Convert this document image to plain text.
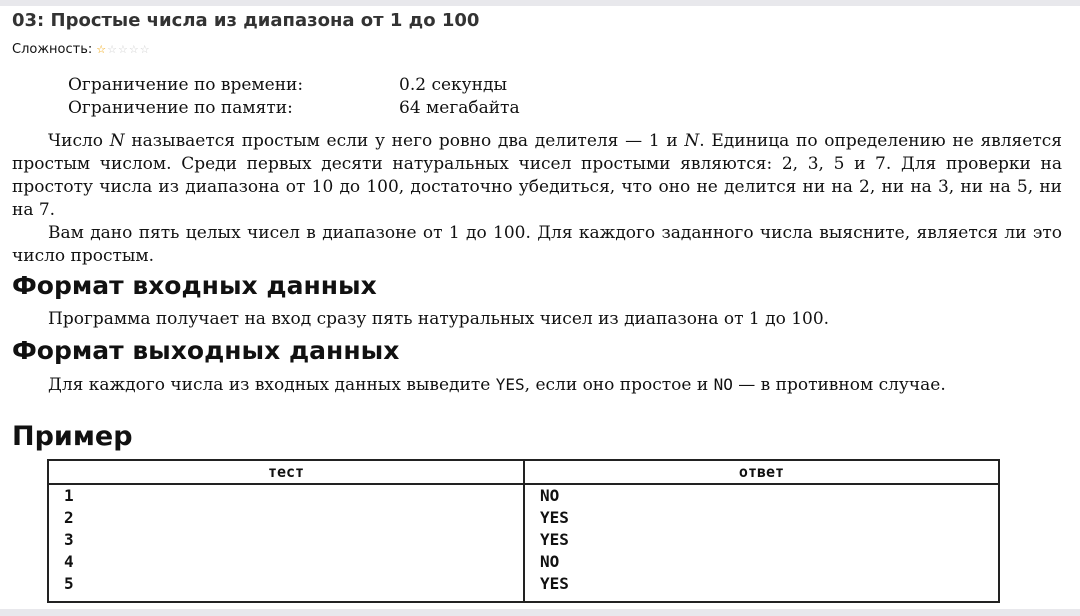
03: Простые числа из диапазона от 1 до 100
Сложность: ☆ ☆ ☆ ☆ ☆
Ограничение по времени:	0.2 секунды
Ограничение по памяти:	64 мегабайта
Число N называется простым если у него ровно два делителя — 1 и N. Единица по определению не является простым числом. Среди первых десяти натуральных чисел простыми являются: 2, 3, 5 и 7. Для проверки на простоту числа из диапазона от 10 до 100, достаточно убедиться, что оно не делится ни на 2, ни на 3, ни на 5, ни на 7.
Вам дано пять целых чисел в диапазоне от 1 до 100. Для каждого заданного числа выясните, является ли это число простым.
Формат входных данных
Программа получает на вход сразу пять натуральных чисел из диапазона от 1 до 100.
Формат выходных данных
Для каждого числа из входных данных выведите YES, если оно простое и NO — в противном случае.
Пример
тест	ответ
1	NO
2	YES
3	YES
4	NO
5	YES
